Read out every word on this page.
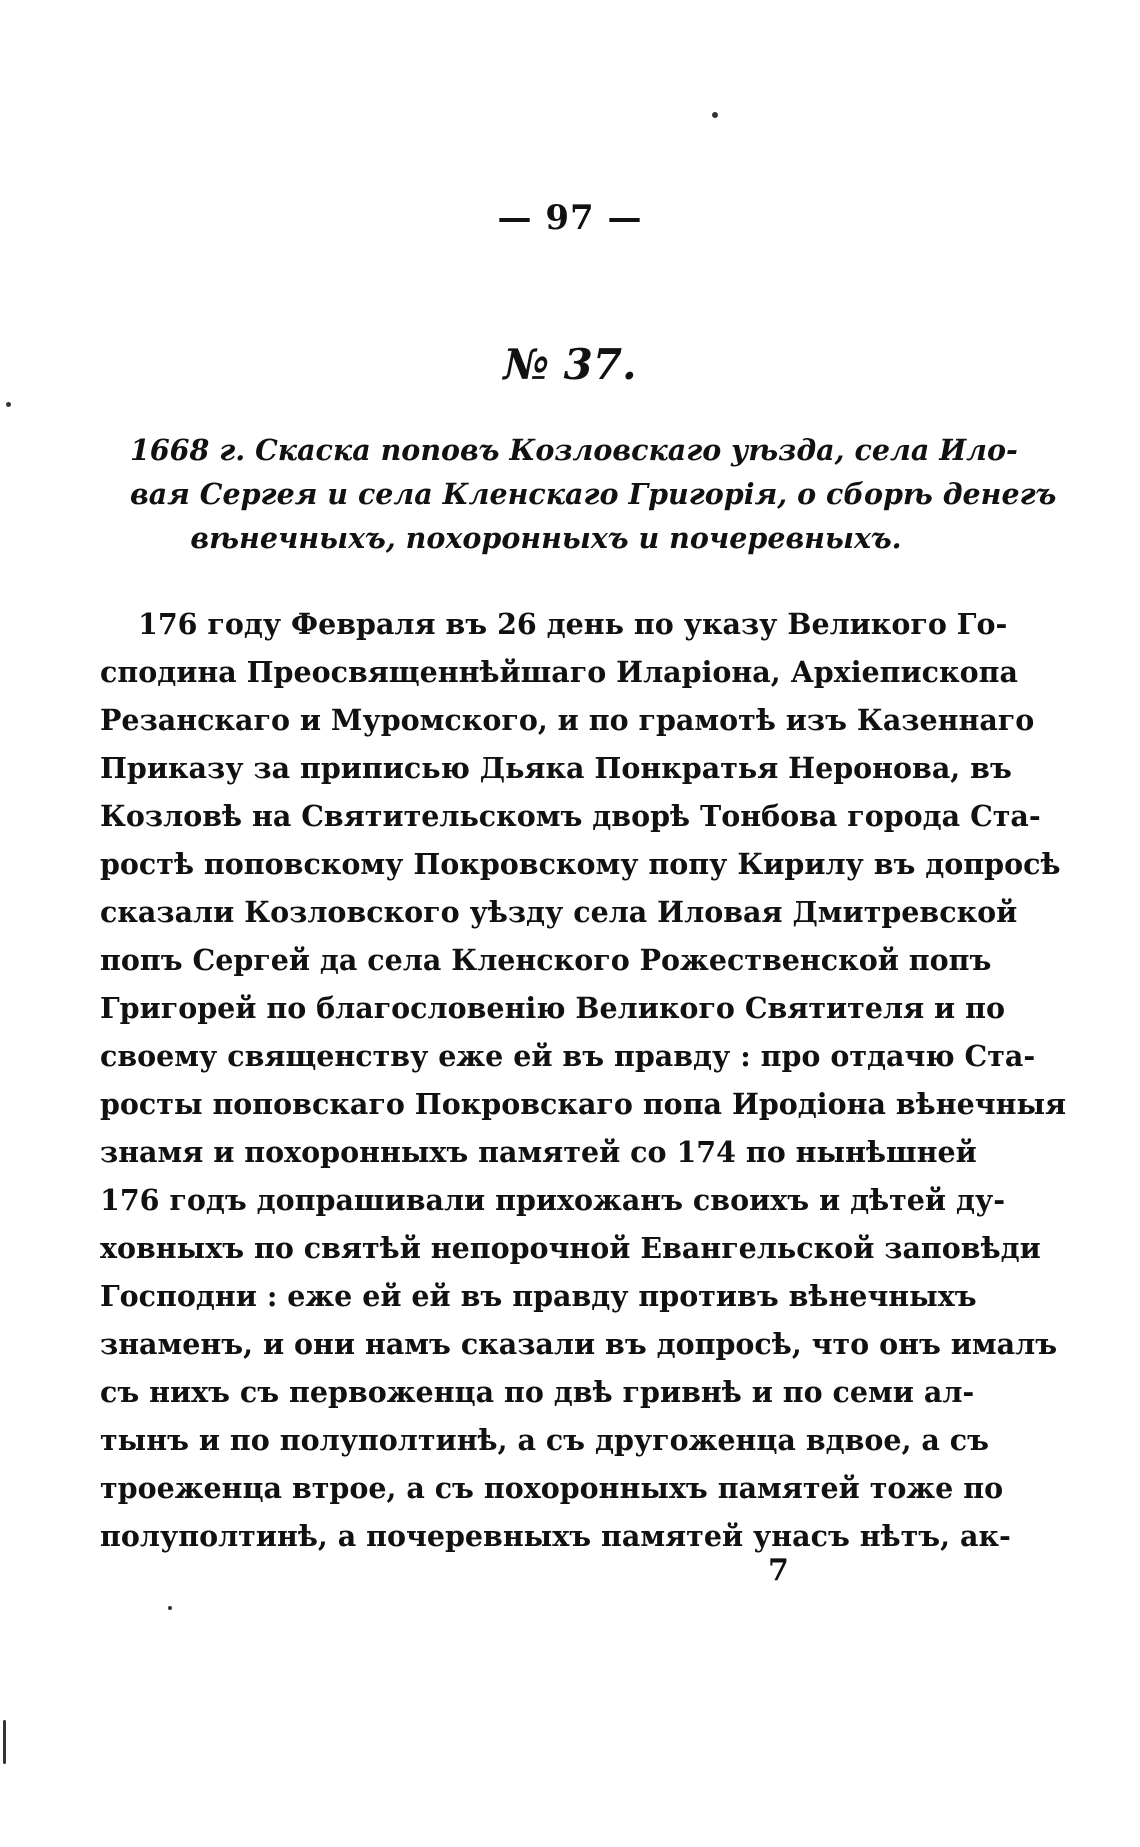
— 97 —
№ 37.
1668 г. Скаска поповъ Козловскаго уѣзда, села Ило-
вая Сергея и села Кленскаго Григорія, о сборѣ денегъ
вѣнечныхъ, похоронныхъ и почеревныхъ.
176 году Февраля въ 26 день по указу Великого Го-
сподина Преосвященнѣйшаго Илaріона, Архіепископа
Резанскаго и Муромского, и по грамотѣ изъ Казеннаго
Приказу за приписью Дьяка Понкратья Неронова, въ
Козловѣ на Святительскомъ дворѣ Тонбова города Ста-
ростѣ поповскому Покровскому попу Кирилу въ допросѣ
сказали Козловского уѣзду села Иловая Дмитревской
попъ Сергей да села Кленского Рожественской попъ
Григорей по благословенію Великого Святителя и по
своему священству еже ей въ правду : про отдачю Ста-
росты поповскаго Покровскаго попа Иродіона вѣнечныя
знамя и похоронныхъ памятей со 174 по нынѣшней
176 годъ допрашивали прихожанъ своихъ и дѣтей ду-
ховныхъ по святѣй непорочной Евангельской заповѣди
Господни : еже ей ей въ правду противъ вѣнечныхъ
знаменъ, и они намъ сказали въ допросѣ, что онъ имaлъ
съ нихъ съ первоженца по двѣ гривнѣ и по семи ал-
тынъ и по полуполтинѣ, а съ другоженца вдвое, а съ
троеженца втрое, а съ похоронныхъ памятей тоже по
полуполтинѣ, а почеревныхъ памятей унасъ нѣтъ, ак-
7
